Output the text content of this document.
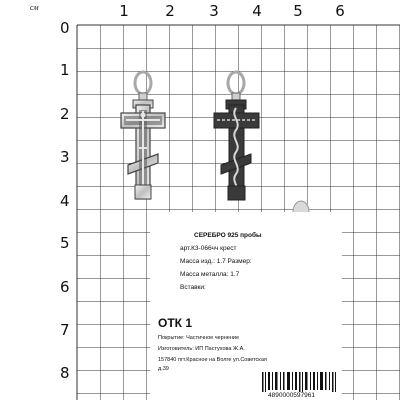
см	1 2 3 4 5 6
0
1
2
3
4
5
6
7
8
СЕРЕБРО 925 пробы
арт.К3-066чч крест
Масса изд.: 1.7 Размер:
Масса металла: 1.7
Вставки:
ОТК 1
Покрытие: Частичное чернение
Изготовитель: ИП Пастухова Ж.А.
157840 пгт.Красное на Волге ул.Советская
д.39
4890000597961
